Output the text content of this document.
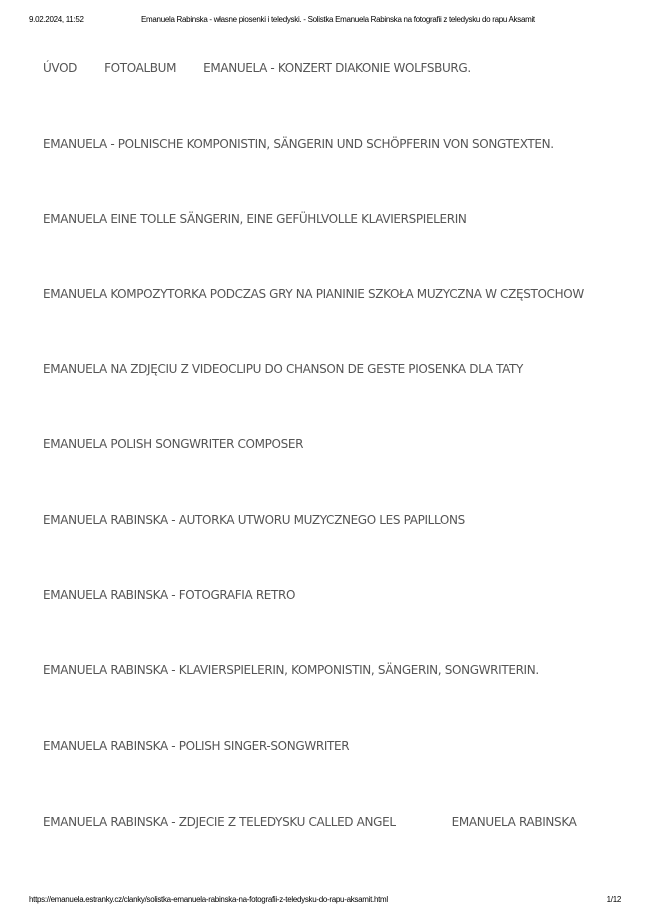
9.02.2024, 11:52	Emanuela Rabinska - własne piosenki i teledyski. - Solistka Emanuela Rabinska na fotografii z teledysku do rapu Aksamit
ÚVOD FOTOALBUM EMANUELA - KONZERT DIAKONIE WOLFSBURG.
EMANUELA - POLNISCHE KOMPONISTIN, SÄNGERIN UND SCHÖPFERIN VON SONGTEXTEN.
EMANUELA EINE TOLLE SÄNGERIN, EINE GEFÜHLVOLLE KLAVIERSPIELERIN
EMANUELA KOMPOZYTORKA PODCZAS GRY NA PIANINIE SZKOŁA MUZYCZNA W CZĘSTOCHOW
EMANUELA NA ZDJĘCIU Z VIDEOCLIPU DO CHANSON DE GESTE PIOSENKA DLA TATY
EMANUELA POLISH SONGWRITER COMPOSER
EMANUELA RABINSKA - AUTORKA UTWORU MUZYCZNEGO LES PAPILLONS
EMANUELA RABINSKA - FOTOGRAFIA RETRO
EMANUELA RABINSKA - KLAVIERSPIELERIN, KOMPONISTIN, SÄNGERIN, SONGWRITERIN.
EMANUELA RABINSKA - POLISH SINGER-SONGWRITER
EMANUELA RABINSKA - ZDJECIE Z TELEDYSKU CALLED ANGEL	EMANUELA RABINSKA
https://emanuela.estranky.cz/clanky/solistka-emanuela-rabinska-na-fotografii-z-teledysku-do-rapu-aksamit.html	1/12
